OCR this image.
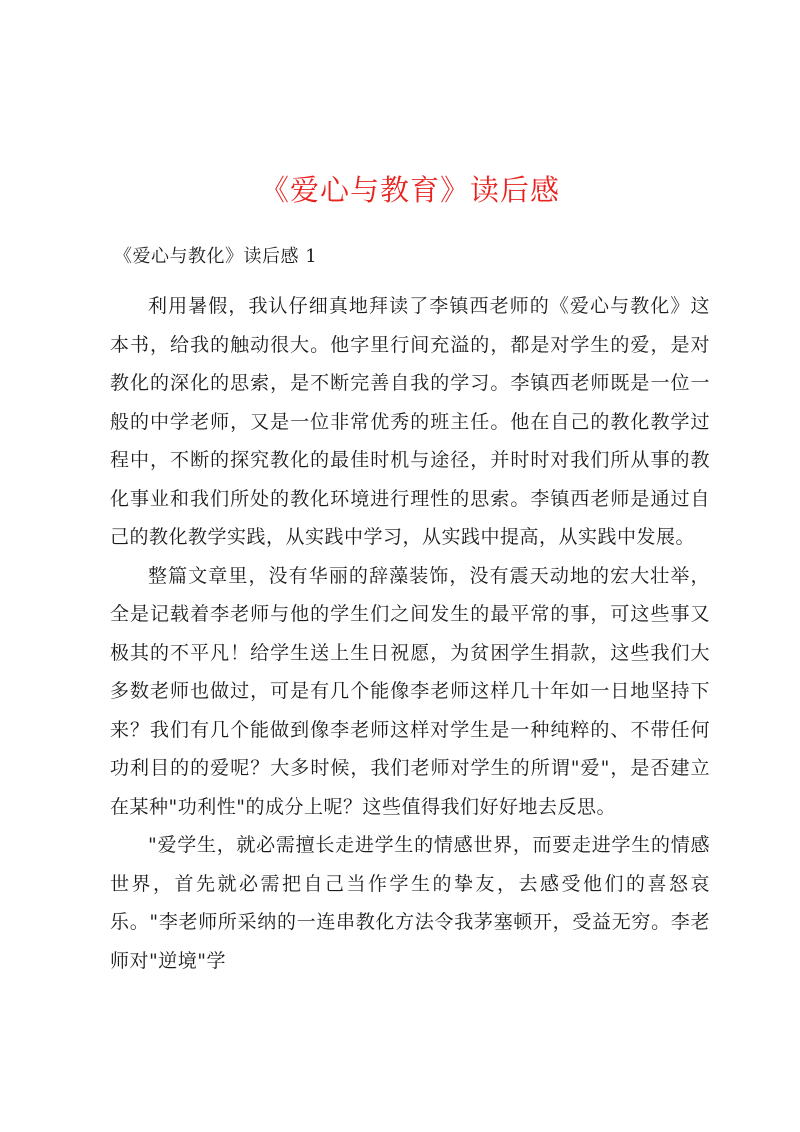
《爱心与教育》读后感
《爱心与教化》读后感 1

利用暑假，我认仔细真地拜读了李镇西老师的《爱心与教化》这本书，给我的触动很大。他字里行间充溢的，都是对学生的爱，是对教化的深化的思索，是不断完善自我的学习。李镇西老师既是一位一般的中学老师，又是一位非常优秀的班主任。他在自己的教化教学过程中，不断的探究教化的最佳时机与途径，并时时对我们所从事的教化事业和我们所处的教化环境进行理性的思索。李镇西老师是通过自己的教化教学实践，从实践中学习，从实践中提高，从实践中发展。

整篇文章里，没有华丽的辞藻装饰，没有震天动地的宏大壮举，全是记载着李老师与他的学生们之间发生的最平常的事，可这些事又极其的不平凡！给学生送上生日祝愿，为贫困学生捐款，这些我们大多数老师也做过，可是有几个能像李老师这样几十年如一日地坚持下来？我们有几个能做到像李老师这样对学生是一种纯粹的、不带任何功利目的的爱呢？大多时候，我们老师对学生的所谓"爱"，是否建立在某种"功利性"的成分上呢？这些值得我们好好地去反思。

"爱学生，就必需擅长走进学生的情感世界，而要走进学生的情感世界，首先就必需把自己当作学生的挚友，去感受他们的喜怒哀乐。"李老师所采纳的一连串教化方法令我茅塞顿开，受益无穷。李老师对"逆境"学
